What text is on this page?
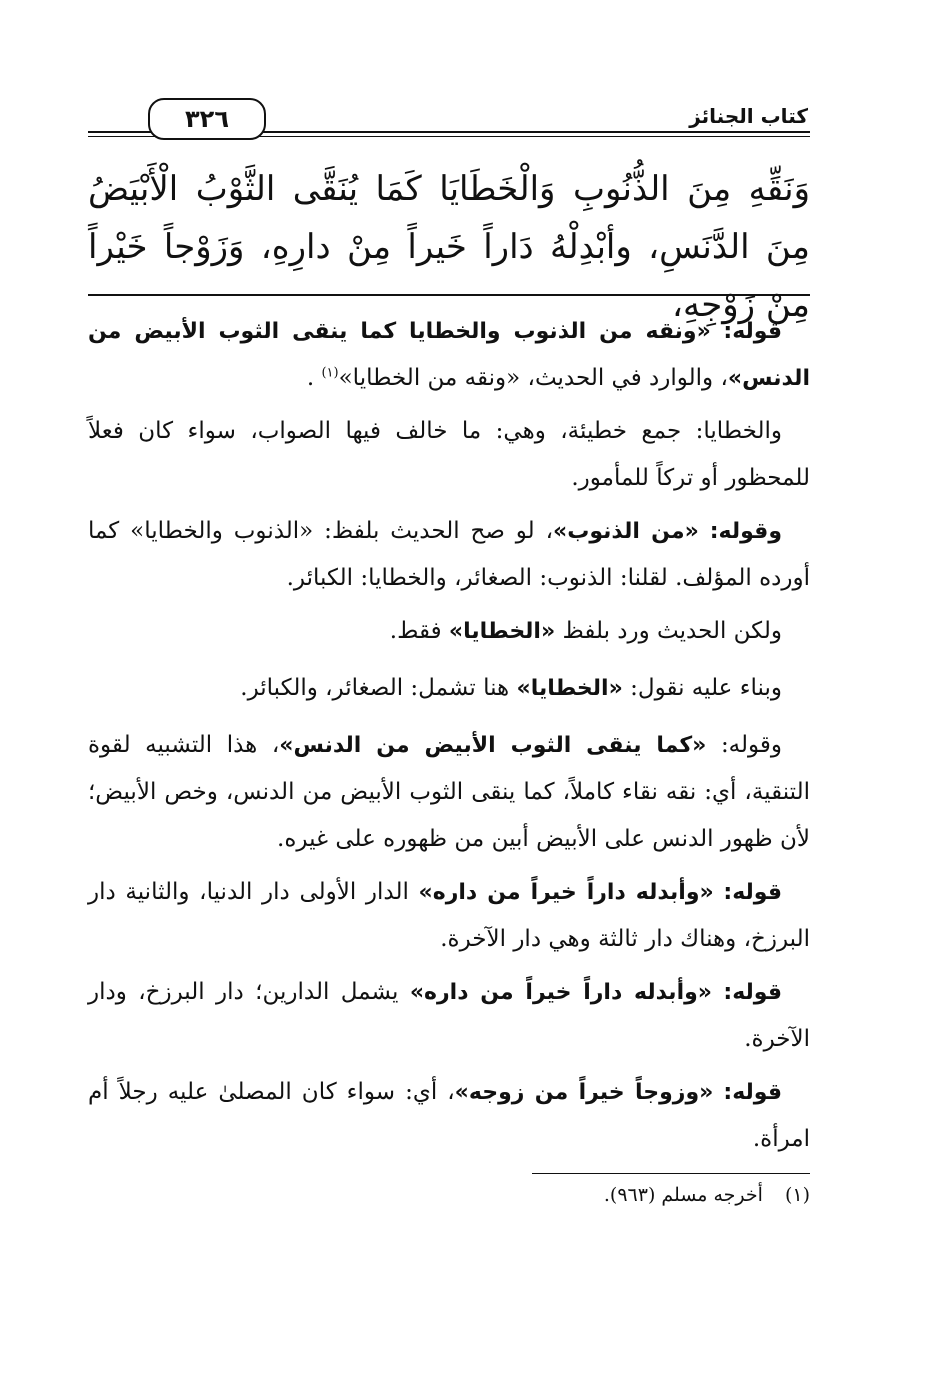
كتاب الجنائز
٣٢٦
وَنَقِّهِ مِنَ الذُّنُوبِ وَالْخَطَايَا كَمَا يُنَقَّى الثَّوْبُ الْأَبْيَضُ مِنَ الدَّنَسِ، وأبْدِلْهُ دَاراً خَيراً مِنْ دارِهِ، وَزَوْجاً خَيْراً مِنْ زَوْجِهِ،

قوله: «ونقه من الذنوب والخطايا كما ينقى الثوب الأبيض من الدنس»، والوارد في الحديث، «ونقه من الخطايا»$^{(١)}$ .

والخطايا: جمع خطيئة، وهي: ما خالف فيها الصواب، سواء كان فعلاً للمحظور أو تركاً للمأمور.

وقوله: «من الذنوب»، لو صح الحديث بلفظ: «الذنوب والخطايا» كما أورده المؤلف. لقلنا: الذنوب: الصغائر، والخطايا: الكبائر.

ولكن الحديث ورد بلفظ «الخطايا» فقط.

وبناء عليه نقول: «الخطايا» هنا تشمل: الصغائر، والكبائر.

وقوله: «كما ينقى الثوب الأبيض من الدنس»، هذا التشبيه لقوة التنقية، أي: نقه نقاء كاملاً، كما ينقى الثوب الأبيض من الدنس، وخص الأبيض؛ لأن ظهور الدنس على الأبيض أبين من ظهوره على غيره.

قوله: «وأبدله داراً خيراً من داره» الدار الأولى دار الدنيا، والثانية دار البرزخ، وهناك دار ثالثة وهي دار الآخرة.

قوله: «وأبدله داراً خيراً من داره» يشمل الدارين؛ دار البرزخ، ودار الآخرة.

قوله: «وزوجاً خيراً من زوجه»، أي: سواء كان المصلىٰ عليه رجلاً أم امرأة.

(١)أخرجه مسلم (٩٦٣).
